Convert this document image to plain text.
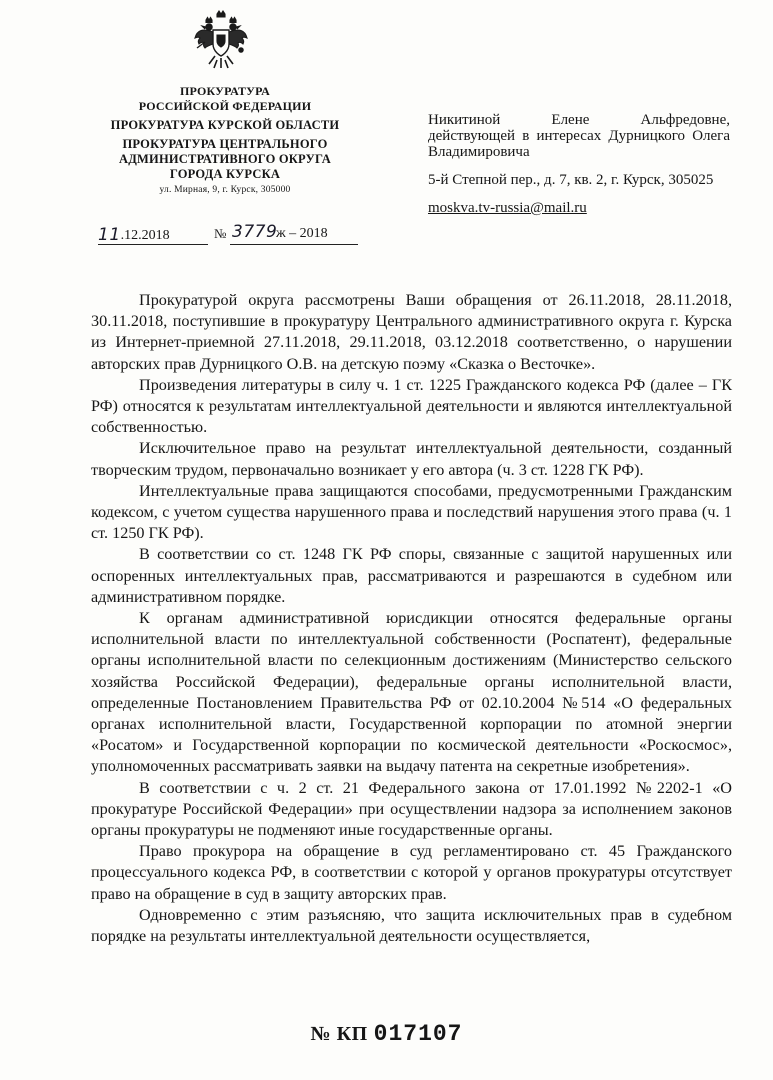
ПРОКУРАТУРА
РОССИЙСКОЙ ФЕДЕРАЦИИ
ПРОКУРАТУРА КУРСКОЙ ОБЛАСТИ
ПРОКУРАТУРА ЦЕНТРАЛЬНОГО
АДМИНИСТРАТИВНОГО ОКРУГА
ГОРОДА КУРСКА
ул. Мирная, 9, г. Курск, 305000
11.12.2018	№ 3779
ж – 2018

Никитиной Елене Альфредовне,

действующей в интересах Дурницкого Олега Владимировича

5-й Степной пер., д. 7, кв. 2, г. Курск, 305025

moskva.tv-russia@mail.ru

Прокуратурой округа рассмотрены Ваши обращения от 26.11.2018, 28.11.2018, 30.11.2018, поступившие в прокуратуру Центрального административного округа г. Курска из Интернет-приемной 27.11.2018, 29.11.2018, 03.12.2018 соответственно, о нарушении авторских прав Дурницкого О.В. на детскую поэму «Сказка о Весточке».

Произведения литературы в силу ч. 1 ст. 1225 Гражданского кодекса РФ (далее – ГК РФ) относятся к результатам интеллектуальной деятельности и являются интеллектуальной собственностью.

Исключительное право на результат интеллектуальной деятельности, созданный творческим трудом, первоначально возникает у его автора (ч. 3 ст. 1228 ГК РФ).

Интеллектуальные права защищаются способами, предусмотренными Гражданским кодексом, с учетом существа нарушенного права и последствий нарушения этого права (ч. 1 ст. 1250 ГК РФ).

В соответствии со ст. 1248 ГК РФ споры, связанные с защитой нарушенных или оспоренных интеллектуальных прав, рассматриваются и разрешаются в судебном или административном порядке.

К органам административной юрисдикции относятся федеральные органы исполнительной власти по интеллектуальной собственности (Роспатент), федеральные органы исполнительной власти по селекционным достижениям (Министерство сельского хозяйства Российской Федерации), федеральные органы исполнительной власти, определенные Постановлением Правительства РФ от 02.10.2004 №514 «О федеральных органах исполнительной власти, Государственной корпорации по атомной энергии «Росатом» и Государственной корпорации по космической деятельности «Роскосмос», уполномоченных рассматривать заявки на выдачу патента на секретные изобретения».

В соответствии с ч. 2 ст. 21 Федерального закона от 17.01.1992 №2202-1 «О прокуратуре Российской Федерации» при осуществлении надзора за исполнением законов органы прокуратуры не подменяют иные государственные органы.

Право прокурора на обращение в суд регламентировано ст. 45 Гражданского процессуального кодекса РФ, в соответствии с которой у органов прокуратуры отсутствует право на обращение в суд в защиту авторских прав.

Одновременно с этим разъясняю, что защита исключительных прав в судебном порядке на результаты интеллектуальной деятельности осуществляется,

№ КП 017107
